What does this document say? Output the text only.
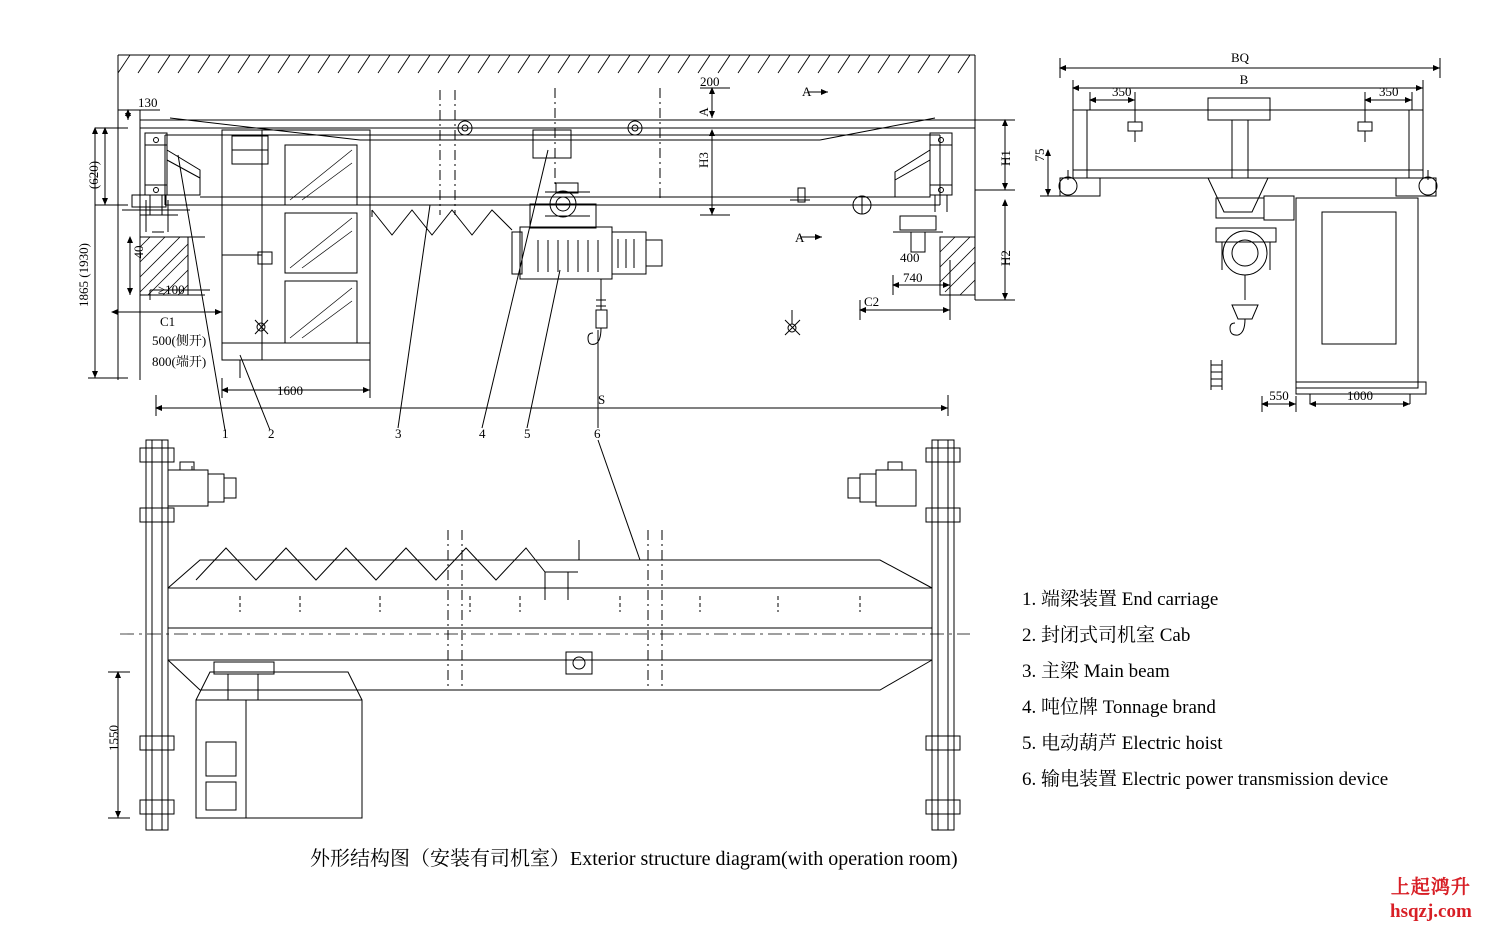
130
(620)
1865 (1930)	40
≥100
C1
500(侧开)
800(端开)
1600
S
200
A
H3	H1
H2
C2
740
400
A
A
1	2	3	4	5	6
BQ
B
350	350
75
550	1000
1550
1. 端梁装置 End carriage
2. 封闭式司机室 Cab
3. 主梁 Main beam
4. 吨位牌 Tonnage brand
5. 电动葫芦 Electric hoist
6. 输电装置 Electric power transmission device
外形结构图（安装有司机室）Exterior structure diagram(with operation room)
上起鸿升
hsqzj.com
